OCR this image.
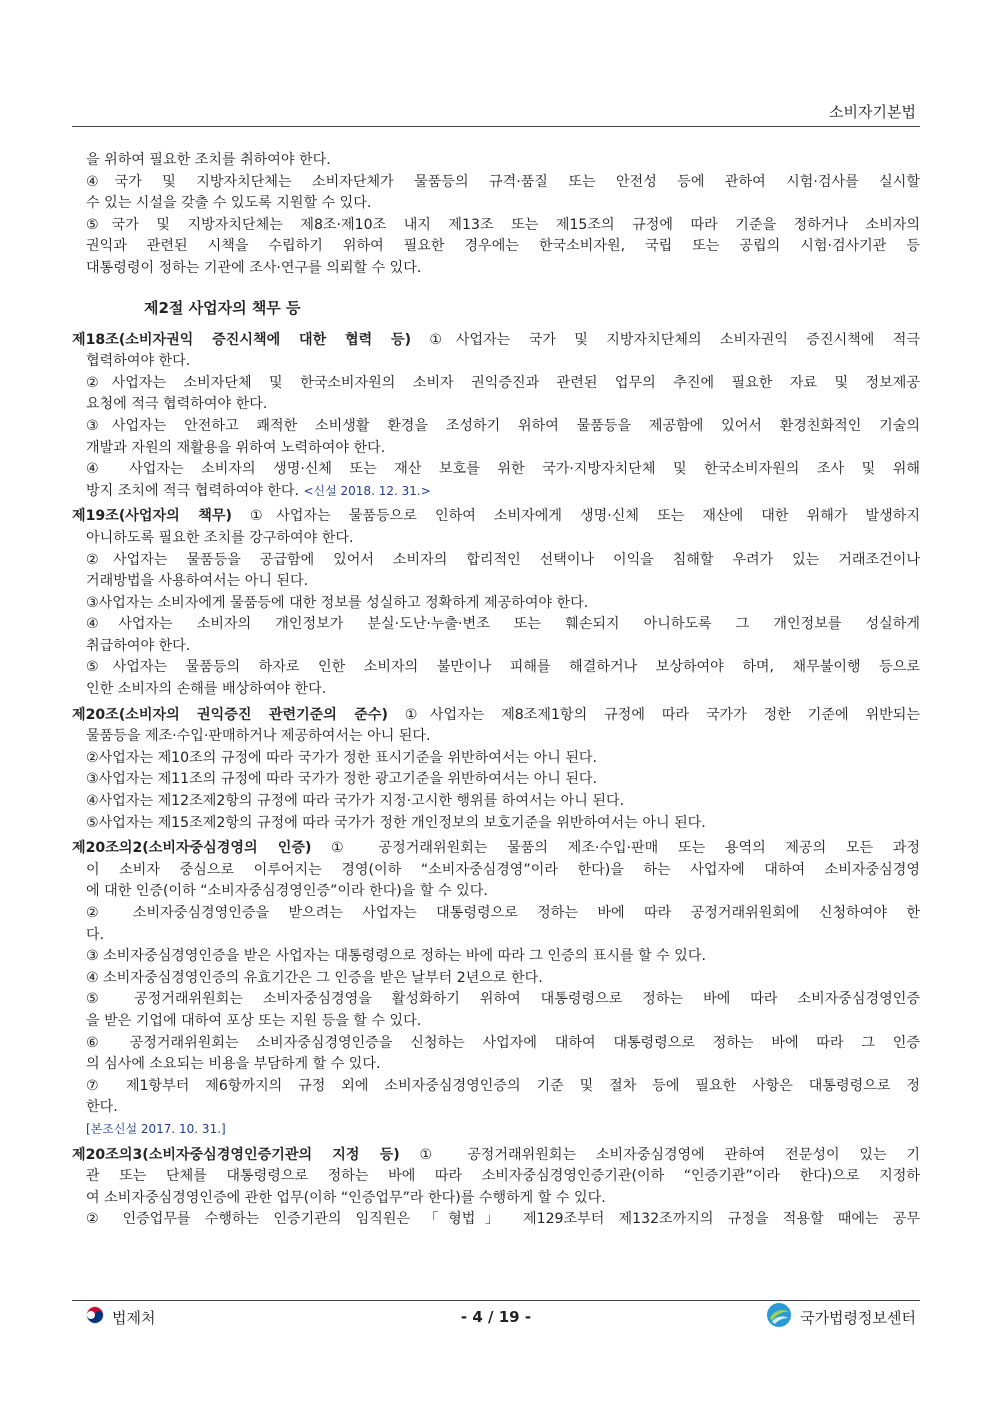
소비자기본법
을 위하여 필요한 조치를 취하여야 한다.
④국가 및 지방자치단체는 소비자단체가 물품등의 규격·품질 또는 안전성 등에 관하여 시험·검사를 실시할
수 있는 시설을 갖출 수 있도록 지원할 수 있다.
⑤국가 및 지방자치단체는 제8조·제10조 내지 제13조 또는 제15조의 규정에 따라 기준을 정하거나 소비자의
권익과 관련된 시책을 수립하기 위하여 필요한 경우에는 한국소비자원, 국립 또는 공립의 시험·검사기관 등
대통령령이 정하는 기관에 조사·연구를 의뢰할 수 있다.
제2절 사업자의 책무 등
제18조(소비자권익 증진시책에 대한 협력 등) ①사업자는 국가 및 지방자치단체의 소비자권익 증진시책에 적극
협력하여야 한다.
②사업자는 소비자단체 및 한국소비자원의 소비자 권익증진과 관련된 업무의 추진에 필요한 자료 및 정보제공
요청에 적극 협력하여야 한다.
③사업자는 안전하고 쾌적한 소비생활 환경을 조성하기 위하여 물품등을 제공함에 있어서 환경친화적인 기술의
개발과 자원의 재활용을 위하여 노력하여야 한다.
④ 사업자는 소비자의 생명·신체 또는 재산 보호를 위한 국가·지방자치단체 및 한국소비자원의 조사 및 위해
방지 조치에 적극 협력하여야 한다. <신설 2018. 12. 31.>
제19조(사업자의 책무) ①사업자는 물품등으로 인하여 소비자에게 생명·신체 또는 재산에 대한 위해가 발생하지
아니하도록 필요한 조치를 강구하여야 한다.
②사업자는 물품등을 공급함에 있어서 소비자의 합리적인 선택이나 이익을 침해할 우려가 있는 거래조건이나
거래방법을 사용하여서는 아니 된다.
③사업자는 소비자에게 물품등에 대한 정보를 성실하고 정확하게 제공하여야 한다.
④사업자는 소비자의 개인정보가 분실·도난·누출·변조 또는 훼손되지 아니하도록 그 개인정보를 성실하게
취급하여야 한다.
⑤사업자는 물품등의 하자로 인한 소비자의 불만이나 피해를 해결하거나 보상하여야 하며, 채무불이행 등으로
인한 소비자의 손해를 배상하여야 한다.
제20조(소비자의 권익증진 관련기준의 준수) ①사업자는 제8조제1항의 규정에 따라 국가가 정한 기준에 위반되는
물품등을 제조·수입·판매하거나 제공하여서는 아니 된다.
②사업자는 제10조의 규정에 따라 국가가 정한 표시기준을 위반하여서는 아니 된다.
③사업자는 제11조의 규정에 따라 국가가 정한 광고기준을 위반하여서는 아니 된다.
④사업자는 제12조제2항의 규정에 따라 국가가 지정·고시한 행위를 하여서는 아니 된다.
⑤사업자는 제15조제2항의 규정에 따라 국가가 정한 개인정보의 보호기준을 위반하여서는 아니 된다.
제20조의2(소비자중심경영의 인증) ① 공정거래위원회는 물품의 제조·수입·판매 또는 용역의 제공의 모든 과정
이 소비자 중심으로 이루어지는 경영(이하 “소비자중심경영”이라 한다)을 하는 사업자에 대하여 소비자중심경영
에 대한 인증(이하 “소비자중심경영인증”이라 한다)을 할 수 있다.
② 소비자중심경영인증을 받으려는 사업자는 대통령령으로 정하는 바에 따라 공정거래위원회에 신청하여야 한
다.
③ 소비자중심경영인증을 받은 사업자는 대통령령으로 정하는 바에 따라 그 인증의 표시를 할 수 있다.
④ 소비자중심경영인증의 유효기간은 그 인증을 받은 날부터 2년으로 한다.
⑤ 공정거래위원회는 소비자중심경영을 활성화하기 위하여 대통령령으로 정하는 바에 따라 소비자중심경영인증
을 받은 기업에 대하여 포상 또는 지원 등을 할 수 있다.
⑥ 공정거래위원회는 소비자중심경영인증을 신청하는 사업자에 대하여 대통령령으로 정하는 바에 따라 그 인증
의 심사에 소요되는 비용을 부담하게 할 수 있다.
⑦ 제1항부터 제6항까지의 규정 외에 소비자중심경영인증의 기준 및 절차 등에 필요한 사항은 대통령령으로 정
한다.
[본조신설 2017. 10. 31.]
제20조의3(소비자중심경영인증기관의 지정 등) ① 공정거래위원회는 소비자중심경영에 관하여 전문성이 있는 기
관 또는 단체를 대통령령으로 정하는 바에 따라 소비자중심경영인증기관(이하 “인증기관”이라 한다)으로 지정하
여 소비자중심경영인증에 관한 업무(이하 “인증업무”라 한다)를 수행하게 할 수 있다.
② 인증업무를 수행하는 인증기관의 임직원은 「형법」 제129조부터 제132조까지의 규정을 적용할 때에는 공무
법제처	- 4 / 19 -	국가법령정보센터
